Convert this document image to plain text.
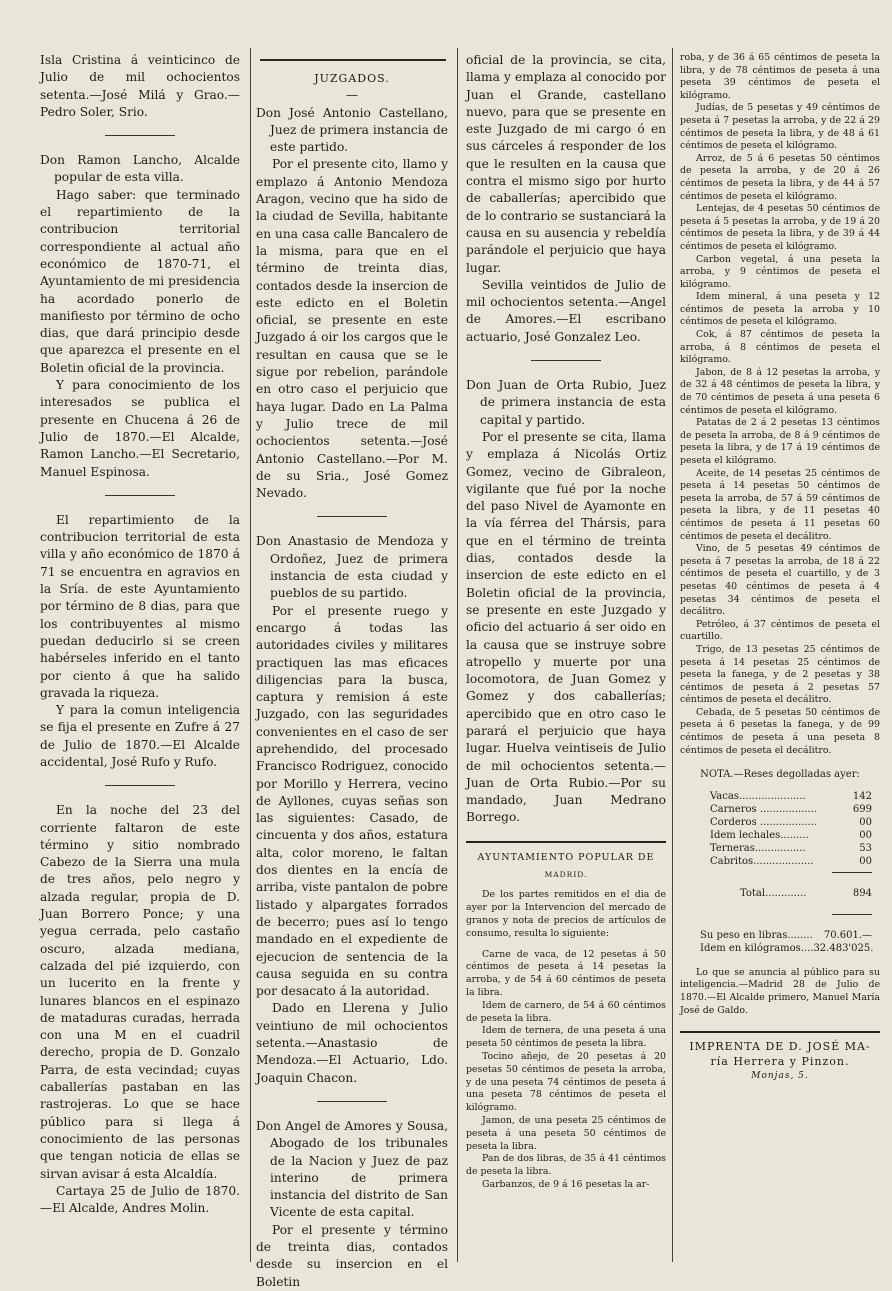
Isla Cristina á veinticinco de Julio de mil ochocientos setenta.—José Milá y Grao.—Pedro Soler, Srio.

Don Ramon Lancho, Alcalde popular de esta villa.

Hago saber: que terminado el repartimiento de la contribucion territorial correspondiente al actual año económico de 1870-71, el Ayuntamiento de mi presidencia ha acordado ponerlo de manifiesto por término de ocho dias, que dará principio desde que aparezca el presente en el Boletin oficial de la provincia.

Y para conocimiento de los interesados se publica el presente en Chucena á 26 de Julio de 1870.—El Alcalde, Ramon Lancho.—El Secretario, Manuel Espinosa.

El repartimiento de la contribucion territorial de esta villa y año económico de 1870 á 71 se encuentra en agravios en la Sría. de este Ayuntamiento por término de 8 dias, para que los contribuyentes al mismo puedan deducirlo si se creen habérseles inferido en el tanto por ciento á que ha salido gravada la riqueza.

Y para la comun inteligencia se fija el presente en Zufre á 27 de Julio de 1870.—El Alcalde accidental, José Rufo y Rufo.

En la noche del 23 del corriente faltaron de este término y sitio nombrado Cabezo de la Sierra una mula de tres años, pelo negro y alzada regular, propia de D. Juan Borrero Ponce; y una yegua cerrada, pelo castaño oscuro, alzada mediana, calzada del pié izquierdo, con un lucerito en la frente y lunares blancos en el espinazo de mataduras curadas, herrada con una M en el cuadril derecho, propia de D. Gonzalo Parra, de esta vecindad; cuyas caballerías pastaban en las rastrojeras. Lo que se hace público para si llega á conocimiento de las personas que tengan noticia de ellas se sirvan avisar á esta Alcaldía.

Cartaya 25 de Julio de 1870.—El Alcalde, Andres Molin.

JUZGADOS.

—

Don José Antonio Castellano, Juez de primera instancia de este partido.

Por el presente cito, llamo y emplazo á Antonio Mendoza Aragon, vecino que ha sido de la ciudad de Sevilla, habitante en una casa calle Bancalero de la misma, para que en el término de treinta dias, contados desde la insercion de este edicto en el Boletin oficial, se presente en este Juzgado á oir los cargos que le resultan en causa que se le sigue por rebelion, parándole en otro caso el perjuicio que haya lugar. Dado en La Palma y Julio trece de mil ochocientos setenta.—José Antonio Castellano.—Por M. de su Sria., José Gomez Nevado.

Don Anastasio de Mendoza y Ordoñez, Juez de primera instancia de esta ciudad y pueblos de su partido.

Por el presente ruego y encargo á todas las autoridades civiles y militares practiquen las mas eficaces diligencias para la busca, captura y remision á este Juzgado, con las seguridades convenientes en el caso de ser aprehendido, del procesado Francisco Rodriguez, conocido por Morillo y Herrera, vecino de Ayllones, cuyas señas son las siguientes: Casado, de cincuenta y dos años, estatura alta, color moreno, le faltan dos dientes en la encía de arriba, viste pantalon de pobre listado y alpargates forrados de becerro; pues así lo tengo mandado en el expediente de ejecucion de sentencia de la causa seguida en su contra por desacato á la autoridad.

Dado en Llerena y Julio veintiuno de mil ochocientos setenta.—Anastasio de Mendoza.—El Actuario, Ldo. Joaquin Chacon.

Don Angel de Amores y Sousa, Abogado de los tribunales de la Nacion y Juez de paz interino de primera instancia del distrito de San Vicente de esta capital.

Por el presente y término de treinta dias, contados desde su insercion en el Boletin

oficial de la provincia, se cita, llama y emplaza al conocido por Juan el Grande, castellano nuevo, para que se presente en este Juzgado de mi cargo ó en sus cárceles á responder de los que le resulten en la causa que contra el mismo sigo por hurto de caballerías; apercibido que de lo contrario se sustanciará la causa en su ausencia y rebeldía parándole el perjuicio que haya lugar.

Sevilla veintidos de Julio de mil ochocientos setenta.—Angel de Amores.—El escribano actuario, José Gonzalez Leo.

Don Juan de Orta Rubio, Juez de primera instancia de esta capital y partido.

Por el presente se cita, llama y emplaza á Nicolás Ortiz Gomez, vecino de Gibraleon, vigilante que fué por la noche del paso Nivel de Ayamonte en la vía férrea del Thársis, para que en el término de treinta dias, contados desde la insercion de este edicto en el Boletin oficial de la provincia, se presente en este Juzgado y oficio del actuario á ser oido en la causa que se instruye sobre atropello y muerte por una locomotora, de Juan Gomez y Gomez y dos caballerías; apercibido que en otro caso le parará el perjuicio que haya lugar. Huelva veintiseis de Julio de mil ochocientos setenta.—Juan de Orta Rubio.—Por su mandado, Juan Medrano Borrego.

AYUNTAMIENTO POPULAR DE

MADRID.

De los partes remitidos en el dia de ayer por la Intervencion del mercado de granos y nota de precios de artículos de consumo, resulta lo siguiente:

Carne de vaca, de 12 pesetas á 50 céntimos de peseta á 14 pesetas la arroba, y de 54 á 60 céntimos de peseta la libra.

Idem de carnero, de 54 á 60 céntimos de peseta la libra.

Idem de ternera, de una peseta á una peseta 50 céntimos de peseta la libra.

Tocino añejo, de 20 pesetas á 20 pesetas 50 céntimos de peseta la arroba, y de una peseta 74 céntimos de peseta á una peseta 78 céntimos de peseta el kilógramo.

Jamon, de una peseta 25 céntimos de peseta á una peseta 50 céntimos de peseta la libra.

Pan de dos libras, de 35 á 41 céntimos de peseta la libra.

Garbanzos, de 9 á 16 pesetas la ar-

roba, y de 36 á 65 céntimos de peseta la libra, y de 78 céntimos de peseta á una peseta 39 céntimos de peseta el kilógramo.

Judías, de 5 pesetas y 49 céntimos de peseta á 7 pesetas la arroba, y de 22 á 29 céntimos de peseta la libra, y de 48 á 61 céntimos de peseta el kilógramo.

Arroz, de 5 á 6 pesetas 50 céntimos de peseta la arroba, y de 20 á 26 céntimos de peseta la libra, y de 44 á 57 céntimos de peseta el kilógramo.

Lentejas, de 4 pesetas 50 céntimos de peseta á 5 pesetas la arroba, y de 19 á 20 céntimos de peseta la libra, y de 39 á 44 céntimos de peseta el kilógramo.

Carbon vegetal, á una peseta la arroba, y 9 céntimos de peseta el kilógramo.

Idem mineral, á una peseta y 12 céntimos de peseta la arroba y 10 céntimos de peseta el kilógramo.

Cok, á 87 céntimos de peseta la arroba, á 8 céntimos de peseta el kilógramo.

Jabon, de 8 á 12 pesetas la arroba, y de 32 á 48 céntimos de peseta la libra, y de 70 céntimos de peseta á una peseta 6 céntimos de peseta el kilógramo.

Patatas de 2 á 2 pesetas 13 céntimos de peseta la arroba, de 8 á 9 céntimos de peseta la libra, y de 17 á 19 céntimos de peseta el kilógramo.

Aceite, de 14 pesetas 25 céntimos de peseta á 14 pesetas 50 céntimos de peseta la arroba, de 57 á 59 céntimos de peseta la libra, y de 11 pesetas 40 céntimos de peseta á 11 pesetas 60 céntimos de peseta el decálitro.

Vino, de 5 pesetas 49 céntimos de peseta á 7 pesetas la arroba, de 18 á 22 céntimos de peseta el cuartillo, y de 3 pesetas 40 céntimos de peseta á 4 pesetas 34 céntimos de peseta el decálitro.

Petróleo, á 37 céntimos de peseta el cuartillo.

Trigo, de 13 pesetas 25 céntimos de peseta á 14 pesetas 25 céntimos de peseta la fanega, y de 2 pesetas y 38 céntimos de peseta á 2 pesetas 57 céntimos de peseta el decálitro.

Cebada, de 5 pesetas 50 céntimos de peseta á 6 pesetas la fanega, y de 99 céntimos de peseta á una peseta 8 céntimos de peseta el decálitro.

NOTA.—Reses degolladas ayer:

Vacas.....................	142
Carneros ..................	699
Corderos ..................	00
Idem lechales.........	00
Terneras................	53
Cabritos...................	00
Total.............	894
Su peso en libras........	70.601.—
Idem en kilógramos.... 32.483'025.

Lo que se anuncia al público para su inteligencia.—Madrid 28 de Julio de 1870.—El Alcalde primero, Manuel María José de Galdo.

IMPRENTA DE D. JOSÉ MA-
ría Herrera y Pinzon.
Monjas, 5.
